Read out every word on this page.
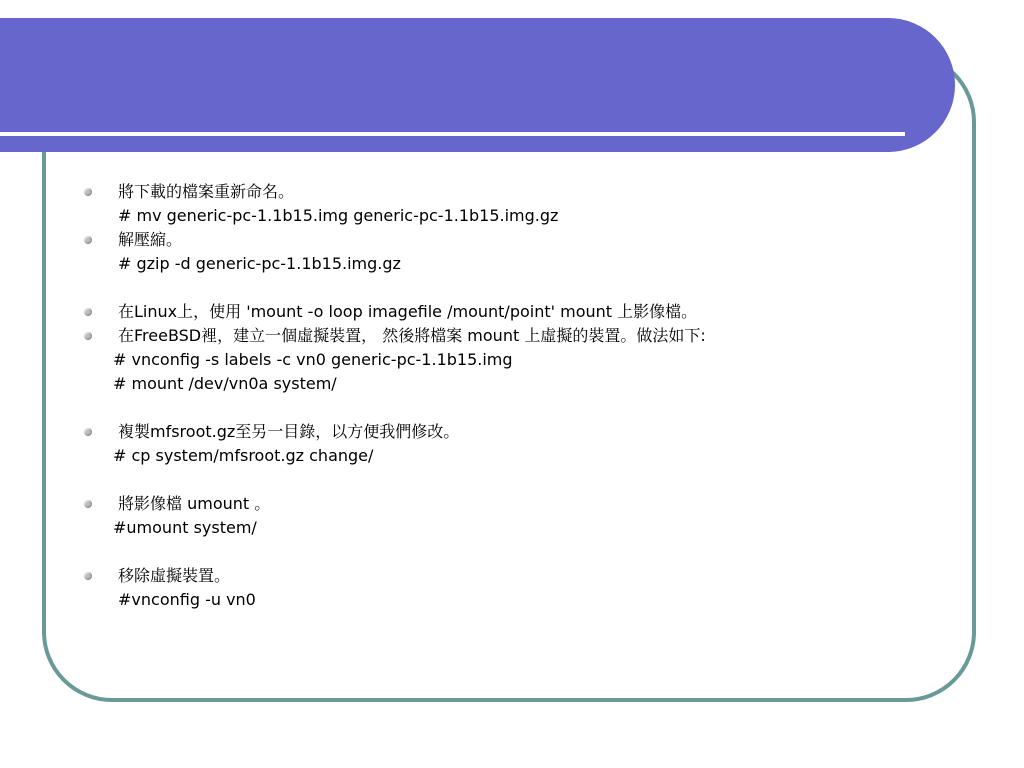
將下載的檔案重新命名。
# mv generic-pc-1.1b15.img generic-pc-1.1b15.img.gz
解壓縮。
# gzip -d generic-pc-1.1b15.img.gz
在Linux上，使用 'mount -o loop imagefile /mount/point' mount 上影像檔。
在FreeBSD裡，建立一個虛擬裝置， 然後將檔案 mount 上虛擬的裝置。做法如下:
# vnconfig -s labels -c vn0 generic-pc-1.1b15.img
# mount /dev/vn0a system/
複製mfsroot.gz至另一目錄，以方便我們修改。
# cp system/mfsroot.gz change/
將影像檔 umount 。
#umount system/
移除虛擬裝置。
#vnconfig -u vn0
